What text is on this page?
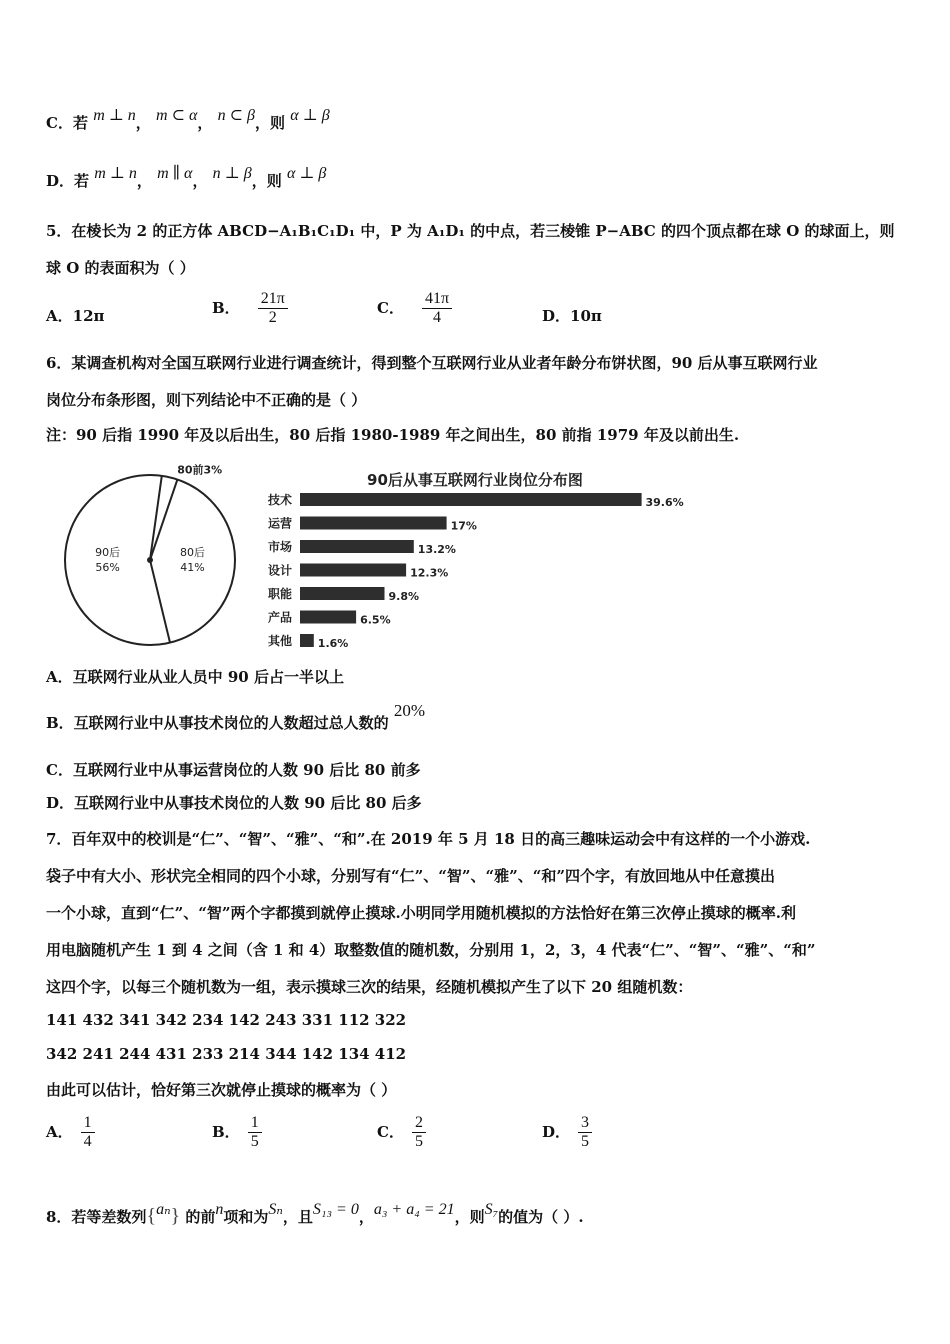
C．若 m ⊥ n， m ⊂ α， n ⊂ β，则 α ⊥ β
D．若 m ⊥ n， m ∥ α， n ⊥ β，则 α ⊥ β
5．在棱长为 2 的正方体 ABCD−A₁B₁C₁D₁ 中，P 为 A₁D₁ 的中点，若三棱锥 P−ABC 的四个顶点都在球 O 的球面上，则
球 O 的表面积为（ ）
A．12π	B． $\frac{21\pi}{2}$	C． $\frac{41\pi}{4}$	D．10π
6．某调查机构对全国互联网行业进行调查统计，得到整个互联网行业从业者年龄分布饼状图，90 后从事互联网行业
岗位分布条形图，则下列结论中不正确的是（ ）
注：90 后指 1990 年及以后出生，80 后指 1980-1989 年之间出生，80 前指 1979 年及以前出生.
80前3%
80后
41%
90后
56%
90后从事互联网行业岗位分布图
技术	39.6%
运营	17%
市场	13.2%
设计	12.3%
职能	9.8%
产品	6.5%
其他 1.6%
A．互联网行业从业人员中 90 后占一半以上
B．互联网行业中从事技术岗位的人数超过总人数的 20%
C．互联网行业中从事运营岗位的人数 90 后比 80 前多
D．互联网行业中从事技术岗位的人数 90 后比 80 后多
7．百年双中的校训是“仁”、“智”、“雅”、“和”.在 2019 年 5 月 18 日的高三趣味运动会中有这样的一个小游戏.
袋子中有大小、形状完全相同的四个小球，分别写有“仁”、“智”、“雅”、“和”四个字，有放回地从中任意摸出
一个小球，直到“仁”、“智”两个字都摸到就停止摸球.小明同学用随机模拟的方法恰好在第三次停止摸球的概率.利
用电脑随机产生 1 到 4 之间（含 1 和 4）取整数值的随机数，分别用 1，2，3，4 代表“仁”、“智”、“雅”、“和”
这四个字，以每三个随机数为一组，表示摸球三次的结果，经随机模拟产生了以下 20 组随机数：
141 432 341 342 234 142 243 331 112 322
342 241 244 431 233 214 344 142 134 412
由此可以估计，恰好第三次就停止摸球的概率为（ ）
A． $\frac{1}{4}$	B． $\frac{1}{5}$	C． $\frac{2}{5}$	D． $\frac{3}{5}$
8．若等差数列{aₙ} 的前n项和为Sₙ，且S₁₃ = 0，a₃ + a₄ = 21，则S₇的值为（ ）.
